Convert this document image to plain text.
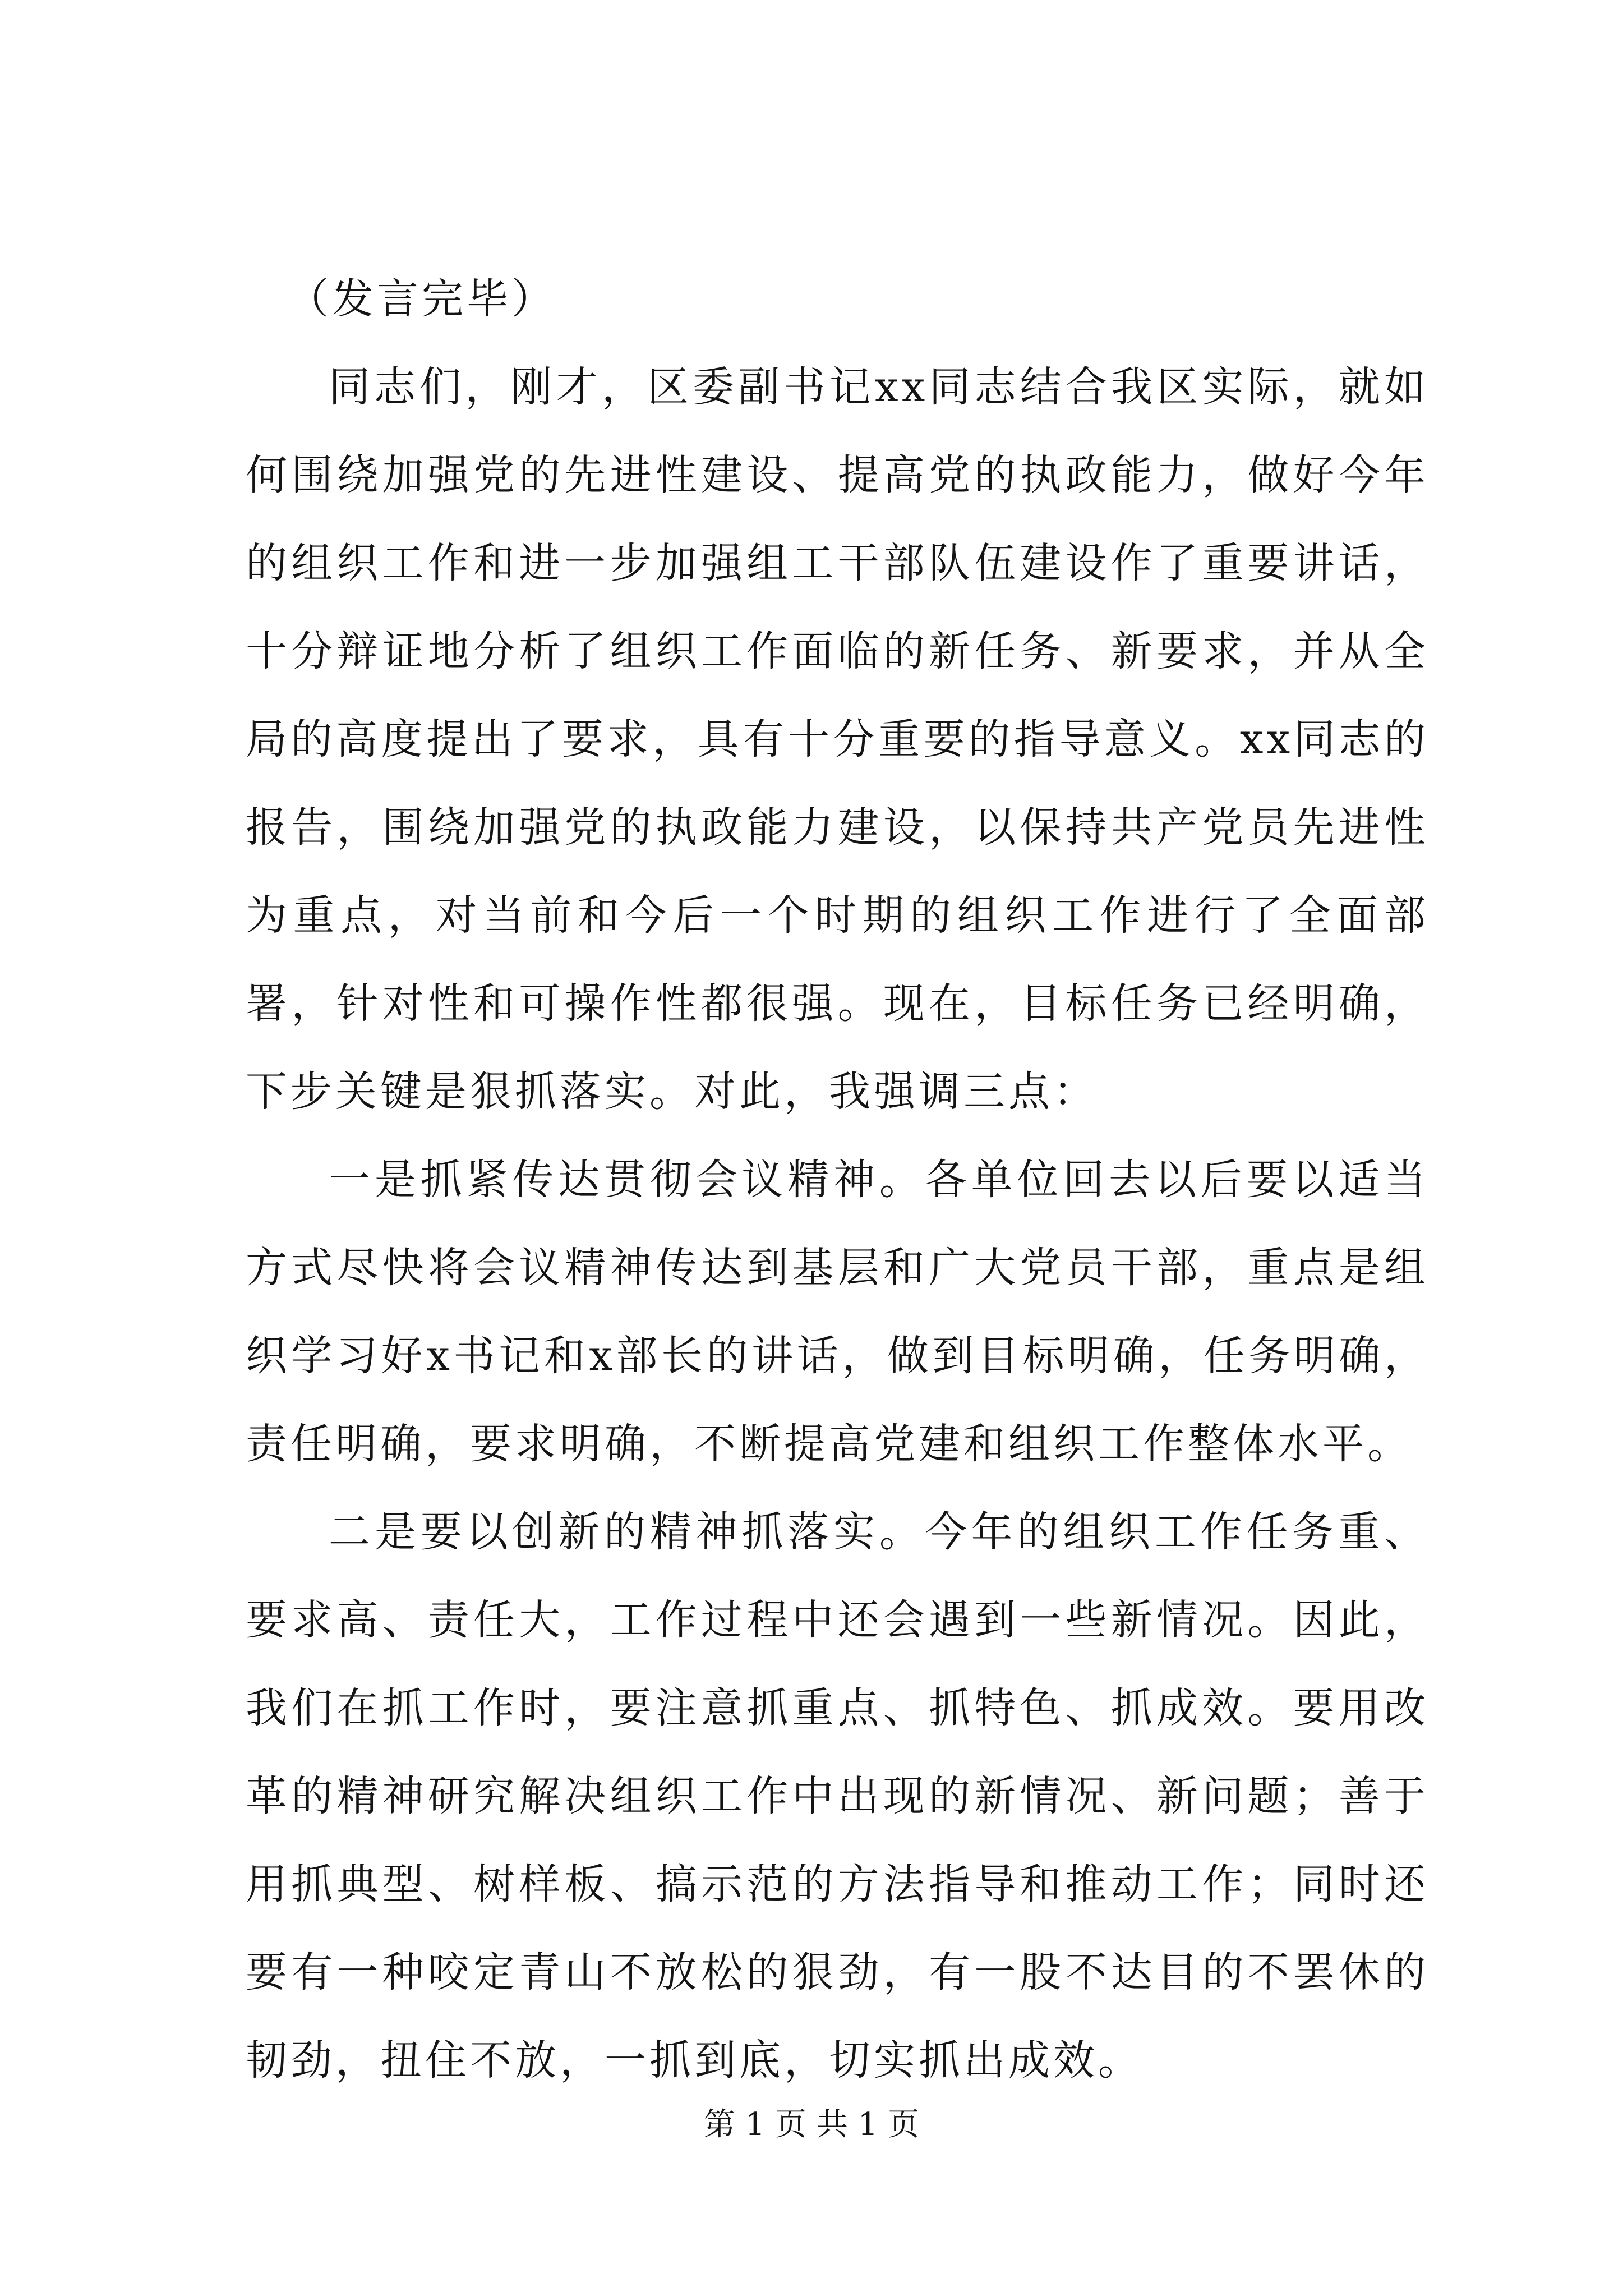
（发言完毕）

同志们，刚才，区委副书记xx同志结合我区实际，就如何围绕加强党的先进性建设、提高党的执政能力，做好今年的组织工作和进一步加强组工干部队伍建设作了重要讲话，十分辩证地分析了组织工作面临的新任务、新要求，并从全局的高度提出了要求，具有十分重要的指导意义。xx同志的报告，围绕加强党的执政能力建设，以保持共产党员先进性为重点，对当前和今后一个时期的组织工作进行了全面部署，针对性和可操作性都很强。现在，目标任务已经明确，下步关键是狠抓落实。对此，我强调三点：

一是抓紧传达贯彻会议精神。各单位回去以后要以适当方式尽快将会议精神传达到基层和广大党员干部，重点是组织学习好x书记和x部长的讲话，做到目标明确，任务明确，责任明确，要求明确，不断提高党建和组织工作整体水平。

二是要以创新的精神抓落实。今年的组织工作任务重、要求高、责任大，工作过程中还会遇到一些新情况。因此，我们在抓工作时，要注意抓重点、抓特色、抓成效。要用改革的精神研究解决组织工作中出现的新情况、新问题；善于用抓典型、树样板、搞示范的方法指导和推动工作；同时还要有一种咬定青山不放松的狠劲，有一股不达目的不罢休的韧劲，扭住不放，一抓到底，切实抓出成效。

第 1 页 共 1 页
